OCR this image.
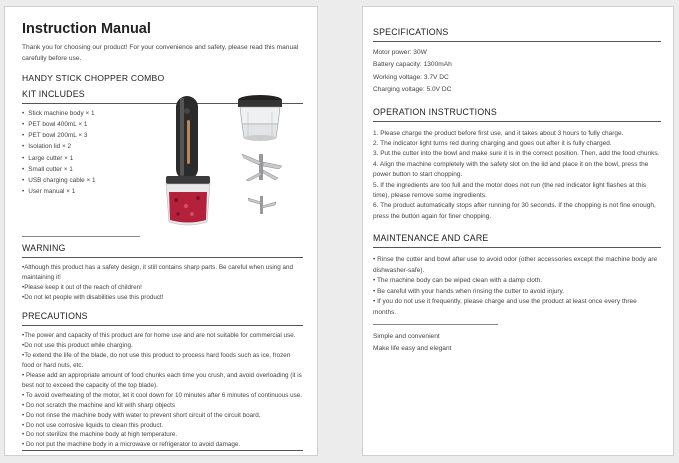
Instruction Manual

Thank you for choosing our product! For your convenience and safety, please read this manual carefully before use.

HANDY STICK CHOPPER COMBO
KIT INCLUDES
• Stick machine body × 1
• PET bowl 400mL × 1
• PET bowl 200mL × 3
• Isolation lid × 2
• Large cutter × 1
• Small cutter × 1
• USB charging cable × 1
• User manual × 1
WARNING

•Although this product has a safety design, it still contains sharp parts. Be careful when using and maintaining it!

•Please keep it out of the reach of children!

•Do not let people with disabilities use this product!

PRECAUTIONS

•The power and capacity of this product are for home use and are not suitable for commercial use.

•Do not use this product while charging.

•To extend the life of the blade, do not use this product to process hard foods such as ice, frozen food or hard nuts, etc.

• Please add an appropriate amount of food chunks each time you crush, and avoid overloading (it is best not to exceed the capacity of the top blade).

• To avoid overheating of the motor, let it cool down for 10 minutes after 6 minutes of continuous use.

• Do not scratch the machine and kit with sharp objects

• Do not rinse the machine body with water to prevent short circuit of the circuit board.

• Do not use corrosive liquids to clean this product.

• Do not sterilize the machine body at high temperature.

• Do not put the machine body in a microwave or refrigerator to avoid damage.

SPECIFICATIONS
Motor power: 30W
Battery capacity: 1300mAh
Working voltage: 3.7V DC
Charging voltage: 5.0V DC
OPERATION INSTRUCTIONS

1. Please charge the product before first use, and it takes about 3 hours to fully charge.

2. The indicator light turns red during charging and goes out after it is fully charged.

3. Put the cutter into the bowl and make sure it is in the correct position. Then, add the food chunks.

4. Align the machine completely with the safety slot on the lid and place it on the bowl, press the power button to start chopping.

5. If the ingredients are too full and the motor does not run (the red indicator light flashes at this time), please remove some ingredients.

6. The product automatically stops after running for 30 seconds. If the chopping is not fine enough, press the button again for finer chopping.

MAINTENANCE AND CARE

• Rinse the cutter and bowl after use to avoid odor (other accessories except the machine body are dishwasher-safe).

• The machine body can be wiped clean with a damp cloth.

• Be careful with your hands when rinsing the cutter to avoid injury.

• If you do not use it frequently, please charge and use the product at least once every three months.

Simple and convenient
Make life easy and elegant
